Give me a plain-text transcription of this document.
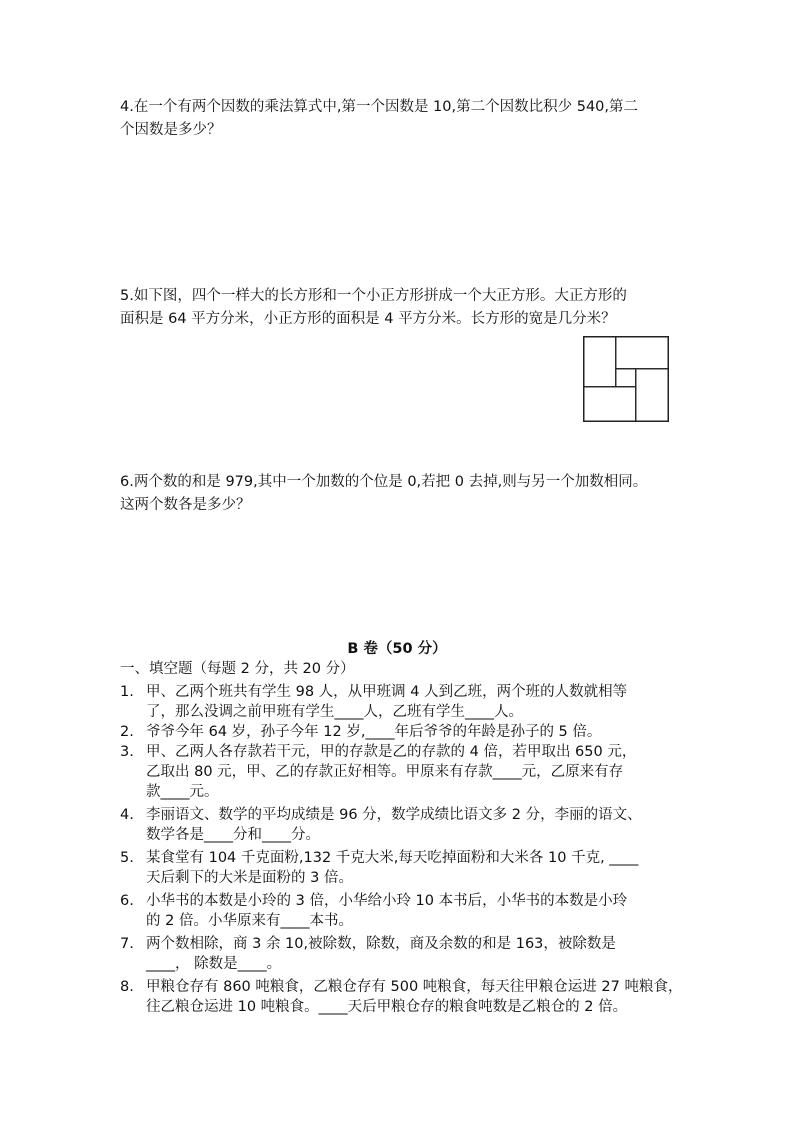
4.在一个有两个因数的乘法算式中,第一个因数是 10,第二个因数比积少 540,第二
个因数是多少？
5.如下图，四个一样大的长方形和一个小正方形拼成一个大正方形。大正方形的
面积是 64 平方分米，小正方形的面积是 4 平方分米。长方形的宽是几分米？
6.两个数的和是 979,其中一个加数的个位是 0,若把 0 去掉,则与另一个加数相同。
这两个数各是多少？
B 卷（50 分）
一、填空题（每题 2 分，共 20 分）
1. 甲、乙两个班共有学生 98 人，从甲班调 4 人到乙班，两个班的人数就相等
了，那么没调之前甲班有学生____人，乙班有学生____人。
2. 爷爷今年 64 岁，孙子今年 12 岁,____年后爷爷的年龄是孙子的 5 倍。
3. 甲、乙两人各存款若干元，甲的存款是乙的存款的 4 倍，若甲取出 650 元，
乙取出 80 元，甲、乙的存款正好相等。甲原来有存款____元，乙原来有存
款____元。
4. 李丽语文、数学的平均成绩是 96 分，数学成绩比语文多 2 分，李丽的语文、
数学各是____分和____分。
5. 某食堂有 104 千克面粉,132 千克大米,每天吃掉面粉和大米各 10 千克, ____
天后剩下的大米是面粉的 3 倍。
6. 小华书的本数是小玲的 3 倍，小华给小玲 10 本书后，小华书的本数是小玲
的 2 倍。小华原来有____本书。
7. 两个数相除，商 3 余 10,被除数，除数，商及余数的和是 163，被除数是
____， 除数是____。
8. 甲粮仓存有 860 吨粮食，乙粮仓存有 500 吨粮食，每天往甲粮仓运进 27 吨粮食，
往乙粮仓运进 10 吨粮食。____天后甲粮仓存的粮食吨数是乙粮仓的 2 倍。
